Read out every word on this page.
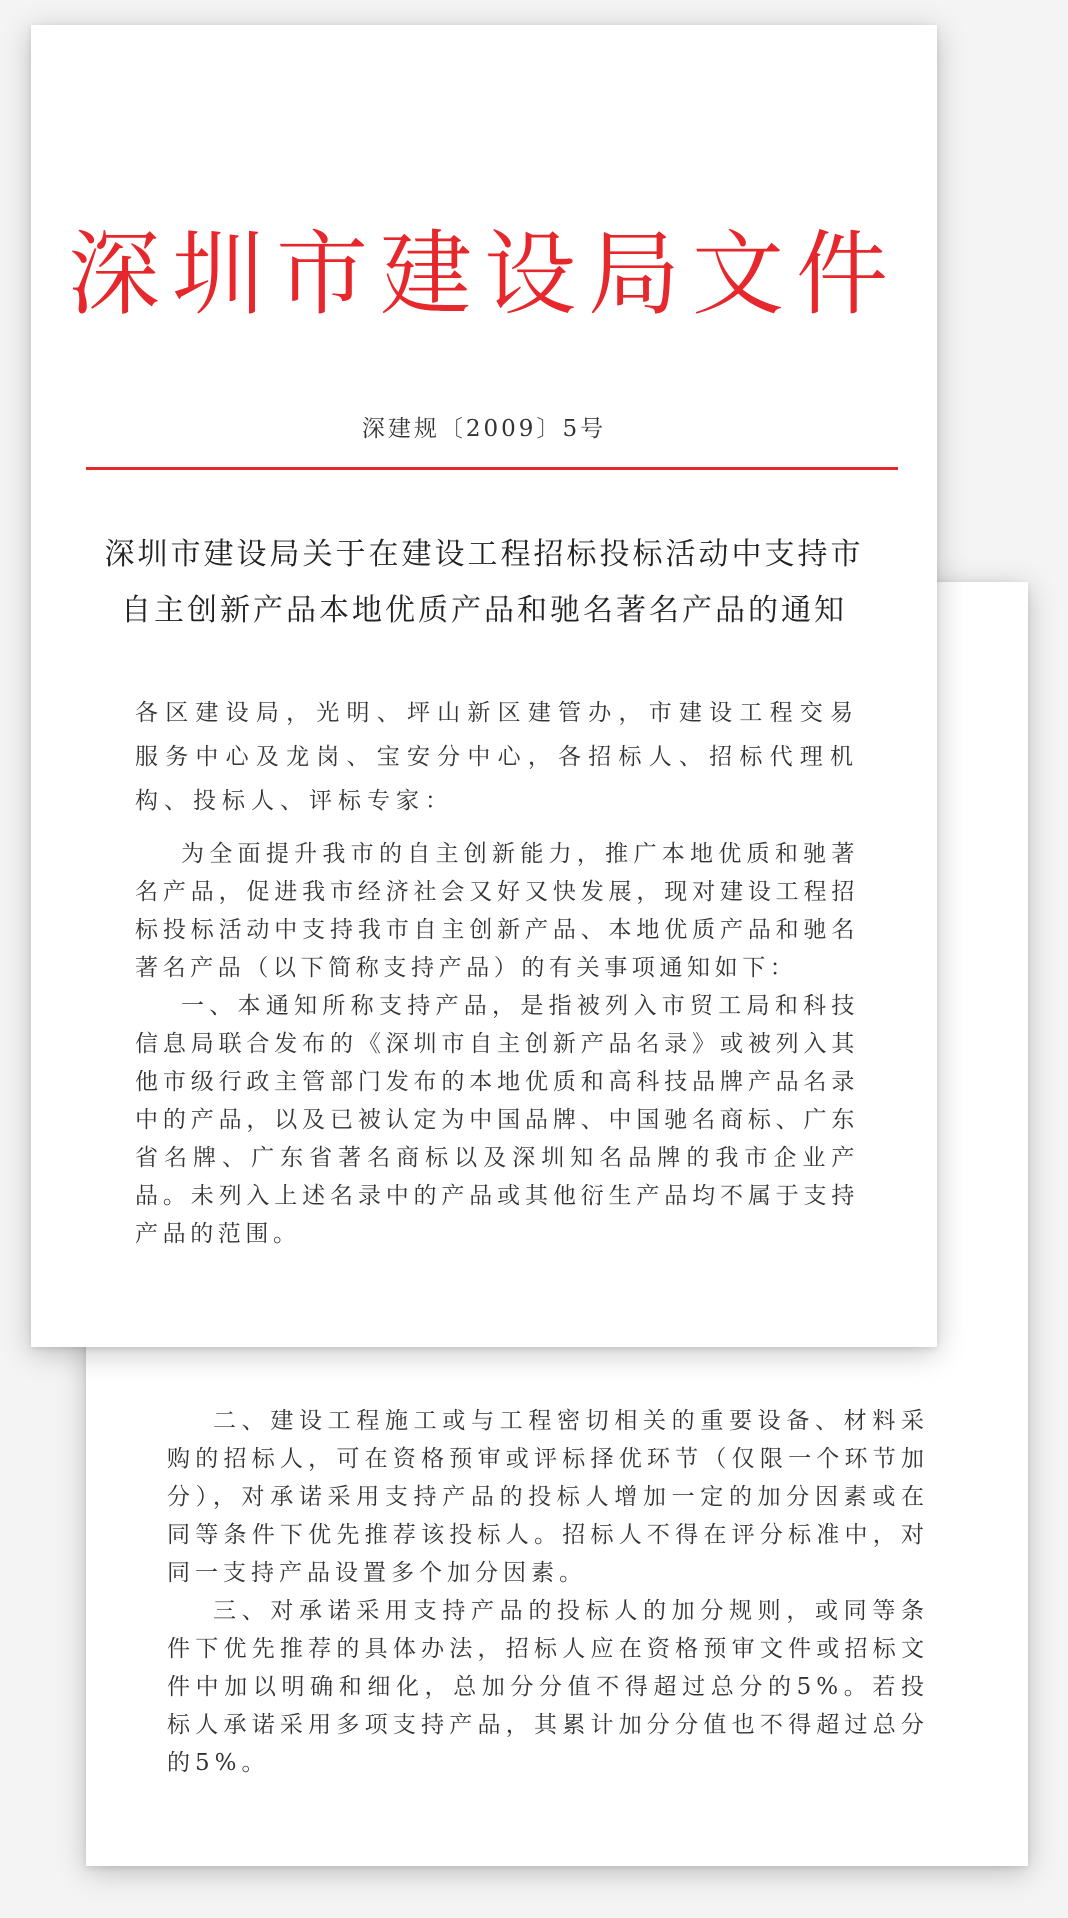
二、建设工程施工或与工程密切相关的重要设备、材料采购的招标人，可在资格预审或评标择优环节（仅限一个环节加分），对承诺采用支持产品的投标人增加一定的加分因素或在同等条件下优先推荐该投标人。招标人不得在评分标准中，对同一支持产品设置多个加分因素。

三、对承诺采用支持产品的投标人的加分规则，或同等条件下优先推荐的具体办法，招标人应在资格预审文件或招标文件中加以明确和细化，总加分分值不得超过总分的5%。若投标人承诺采用多项支持产品，其累计加分分值也不得超过总分的5%。

深圳市建设局文件
深建规〔2009〕5号
深圳市建设局关于在建设工程招标投标活动中支持市
自主创新产品本地优质产品和驰名著名产品的通知

各区建设局，光明、坪山新区建管办，市建设工程交易服务中心及龙岗、宝安分中心，各招标人、招标代理机构、投标人、评标专家：

为全面提升我市的自主创新能力，推广本地优质和驰著名产品，促进我市经济社会又好又快发展，现对建设工程招标投标活动中支持我市自主创新产品、本地优质产品和驰名著名产品（以下简称支持产品）的有关事项通知如下：

一、本通知所称支持产品，是指被列入市贸工局和科技信息局联合发布的《深圳市自主创新产品名录》或被列入其他市级行政主管部门发布的本地优质和高科技品牌产品名录中的产品，以及已被认定为中国品牌、中国驰名商标、广东省名牌、广东省著名商标以及深圳知名品牌的我市企业产品。未列入上述名录中的产品或其他衍生产品均不属于支持产品的范围。
